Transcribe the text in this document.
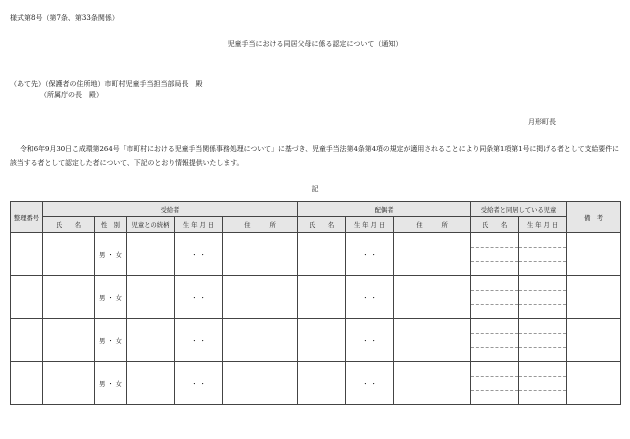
様式第8号（第7条、第33条関係）
児童手当における同居父母に係る認定について（通知）
（あて先）（保護者の住所地）市町村児童手当担当部局長　殿
（所属庁の長　殿）
月形町長
令和6年9月30日こ成環第264号「市町村における児童手当関係事務処理について」に基づき、児童手当法第4条第4項の規定が適用されることにより同条第1項第1号に掲げる者として支給要件に該当する者として認定した者について、下記のとおり情報提供いたします。
記
整理番号	受給者					配偶者			受給者と同居している児童		備　考
	氏　　名	性　別	児童との続柄	生 年 月 日	住　　　所	氏　　名	生 年 月 日	住　　　所	氏　　名	生 年 月 日	
		男 ・ 女		・ ・			・ ・		

		男 ・ 女		・ ・			・ ・		

		男 ・ 女		・ ・			・ ・		

		男 ・ 女		・ ・			・ ・		
